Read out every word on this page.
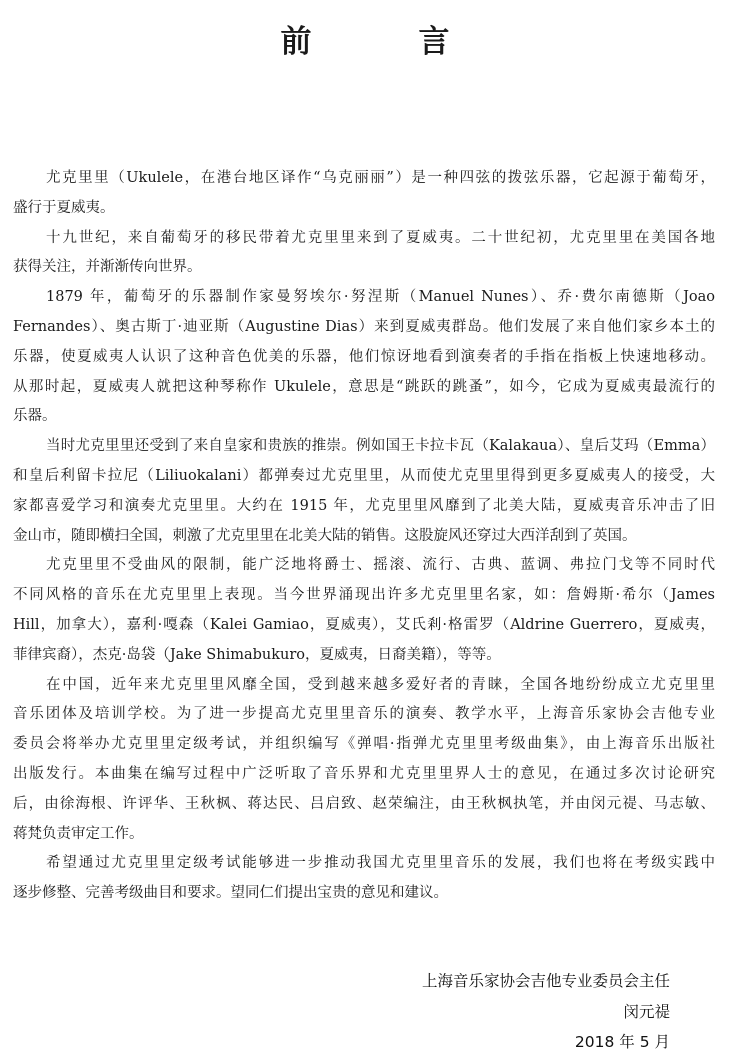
前　言
尤克里里（Ukulele，在港台地区译作“乌克丽丽”）是一种四弦的拨弦乐器，它起源于葡萄牙，
盛行于夏威夷。
十九世纪，来自葡萄牙的移民带着尤克里里来到了夏威夷。二十世纪初，尤克里里在美国各地
获得关注，并渐渐传向世界。
1879 年，葡萄牙的乐器制作家曼努埃尔·努涅斯（Manuel Nunes）、乔·费尔南德斯（Joao
Fernandes）、奥古斯丁·迪亚斯（Augustine Dias）来到夏威夷群岛。他们发展了来自他们家乡本土的
乐器，使夏威夷人认识了这种音色优美的乐器，他们惊讶地看到演奏者的手指在指板上快速地移动。
从那时起，夏威夷人就把这种琴称作 Ukulele，意思是“跳跃的跳蚤”，如今，它成为夏威夷最流行的
乐器。
当时尤克里里还受到了来自皇家和贵族的推崇。例如国王卡拉卡瓦（Kalakaua）、皇后艾玛（Emma）
和皇后利留卡拉尼（Liliuokalani）都弹奏过尤克里里，从而使尤克里里得到更多夏威夷人的接受，大
家都喜爱学习和演奏尤克里里。大约在 1915 年，尤克里里风靡到了北美大陆，夏威夷音乐冲击了旧
金山市，随即横扫全国，刺激了尤克里里在北美大陆的销售。这股旋风还穿过大西洋刮到了英国。
尤克里里不受曲风的限制，能广泛地将爵士、摇滚、流行、古典、蓝调、弗拉门戈等不同时代
不同风格的音乐在尤克里里上表现。当今世界涌现出许多尤克里里名家，如：詹姆斯·希尔（James
Hill，加拿大），嘉利·嘎森（Kalei Gamiao，夏威夷），艾氏剎·格雷罗（Aldrine Guerrero，夏威夷，
菲律宾裔），杰克·岛袋（Jake Shimabukuro，夏威夷，日裔美籍），等等。
在中国，近年来尤克里里风靡全国，受到越来越多爱好者的青睐，全国各地纷纷成立尤克里里
音乐团体及培训学校。为了进一步提高尤克里里音乐的演奏、教学水平，上海音乐家协会吉他专业
委员会将举办尤克里里定级考试，并组织编写《弹唱·指弹尤克里里考级曲集》，由上海音乐出版社
出版发行。本曲集在编写过程中广泛听取了音乐界和尤克里里界人士的意见，在通过多次讨论研究
后，由徐海根、许评华、王秋枫、蒋达民、吕启致、赵荣编注，由王秋枫执笔，并由闵元禔、马志敏、
蒋梵负责审定工作。
希望通过尤克里里定级考试能够进一步推动我国尤克里里音乐的发展，我们也将在考级实践中
逐步修整、完善考级曲目和要求。望同仁们提出宝贵的意见和建议。
上海音乐家协会吉他专业委员会主任
闵元禔
2018 年 5 月
